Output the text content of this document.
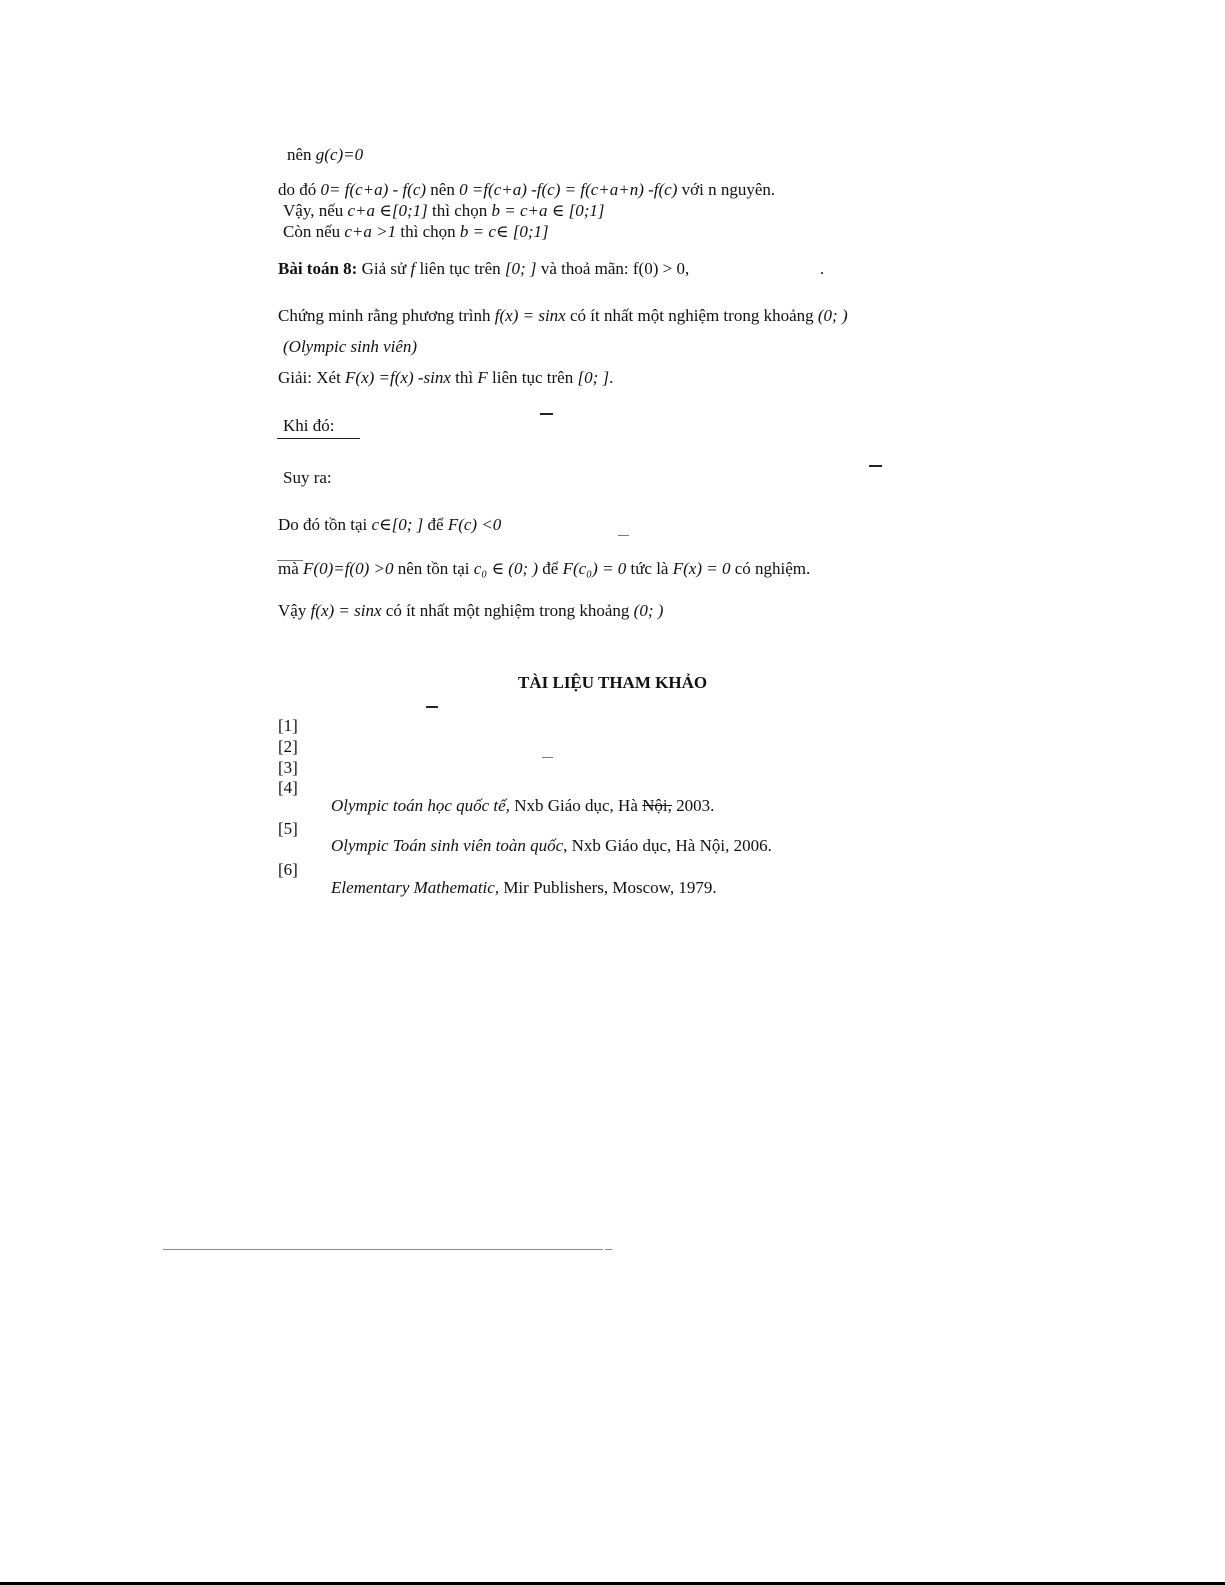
nên g(c)=0
do đó 0= f(c+a) - f(c) nên 0 =f(c+a) -f(c) = f(c+a+n) -f(c) với n nguyên.
Vậy, nếu c+a ∈[0;1] thì chọn b = c+a ∈ [0;1]
Còn nếu c+a >1 thì chọn b = c∈ [0;1]
Bài toán 8: Giả sử f liên tục trên [0; ] và thoả mãn: f(0) > 0,	.
Chứng minh rằng phương trình f(x) = sinx có ít nhất một nghiệm trong khoảng (0; )
(Olympic sinh viên)
Giải: Xét F(x) =f(x) -sinx thì F liên tục trên [0; ].
Khi đó:
Suy ra:
Do đó tồn tại c∈[0; ] để F(c) <0
mà F(0)=f(0) >0 nên tồn tại c₀ ∈ (0; ) để F(c₀) = 0 tức là F(x) = 0 có nghiệm.
Vậy f(x) = sinx có ít nhất một nghiệm trong khoảng (0; )
TÀI LIỆU THAM KHẢO
[1]
[2]
[3]
[4]
Olympic toán học quốc tế, Nxb Giáo dục, Hà Nội, 2003.
[5]
Olympic Toán sinh viên toàn quốc, Nxb Giáo dục, Hà Nội, 2006.
[6]
Elementary Mathematic, Mir Publishers, Moscow, 1979.
